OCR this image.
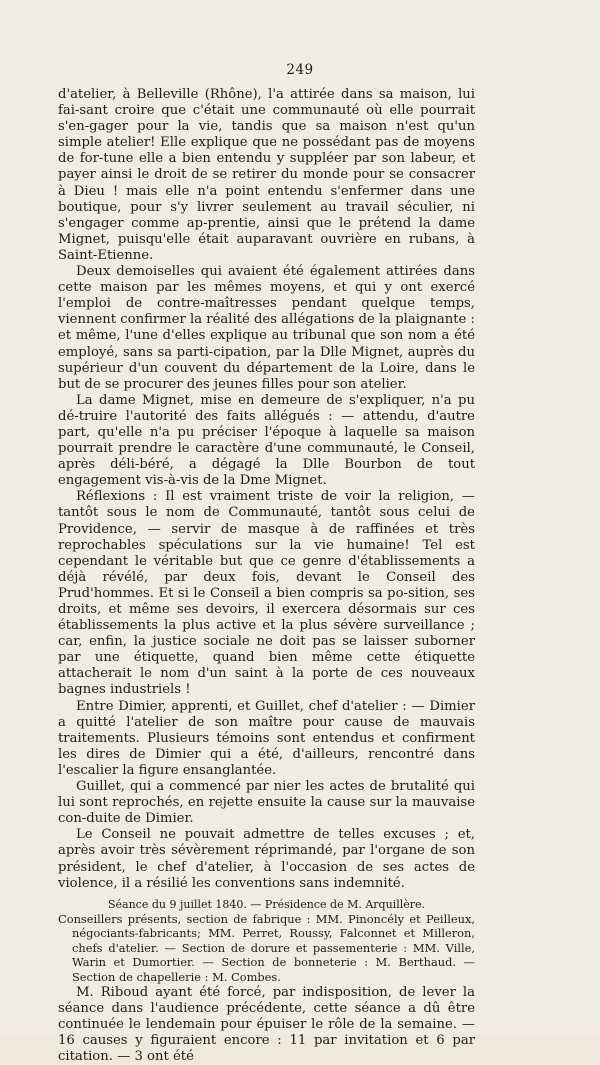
249

d'atelier, à Belleville (Rhône), l'a attirée dans sa maison, lui fai-sant croire que c'était une communauté où elle pourrait s'en-gager pour la vie, tandis que sa maison n'est qu'un simple atelier! Elle explique que ne possédant pas de moyens de for-tune elle a bien entendu y suppléer par son labeur, et payer ainsi le droit de se retirer du monde pour se consacrer à Dieu ! mais elle n'a point entendu s'enfermer dans une boutique, pour s'y livrer seulement au travail séculier, ni s'engager comme ap-prentie, ainsi que le prétend la dame Mignet, puisqu'elle était auparavant ouvrière en rubans, à Saint-Etienne.

Deux demoiselles qui avaient été également attirées dans cette maison par les mêmes moyens, et qui y ont exercé l'emploi de contre-maîtresses pendant quelque temps, viennent confirmer la réalité des allégations de la plaignante : et même, l'une d'elles explique au tribunal que son nom a été employé, sans sa parti-cipation, par la Dlle Mignet, auprès du supérieur d'un couvent du département de la Loire, dans le but de se procurer des jeunes filles pour son atelier.

La dame Mignet, mise en demeure de s'expliquer, n'a pu dé-truire l'autorité des faits allégués : — attendu, d'autre part, qu'elle n'a pu préciser l'époque à laquelle sa maison pourrait prendre le caractère d'une communauté, le Conseil, après déli-béré, a dégagé la Dlle Bourbon de tout engagement vis-à-vis de la Dme Mignet.

Réflexions : Il est vraiment triste de voir la religion, — tantôt sous le nom de Communauté, tantôt sous celui de Providence, — servir de masque à de raffinées et très reprochables spéculations sur la vie humaine! Tel est cependant le véritable but que ce genre d'établissements a déjà révélé, par deux fois, devant le Conseil des Prud'hommes. Et si le Conseil a bien compris sa po-sition, ses droits, et même ses devoirs, il exercera désormais sur ces établissements la plus active et la plus sévère surveillance ; car, enfin, la justice sociale ne doit pas se laisser suborner par une étiquette, quand bien même cette étiquette attacherait le nom d'un saint à la porte de ces nouveaux bagnes industriels !

Entre Dimier, apprenti, et Guillet, chef d'atelier : — Dimier a quitté l'atelier de son maître pour cause de mauvais traitements. Plusieurs témoins sont entendus et confirment les dires de Dimier qui a été, d'ailleurs, rencontré dans l'escalier la figure ensanglantée.

Guillet, qui a commencé par nier les actes de brutalité qui lui sont reprochés, en rejette ensuite la cause sur la mauvaise con-duite de Dimier.

Le Conseil ne pouvait admettre de telles excuses ; et, après avoir très sévèrement réprimandé, par l'organe de son président, le chef d'atelier, à l'occasion de ses actes de violence, il a résilié les conventions sans indemnité.

Séance du 9 juillet 1840. — Présidence de M. Arquillère.

Conseillers présents, section de fabrique : MM. Pinoncély et Peilleux, négociants-fabricants; MM. Perret, Roussy, Falconnet et Milleron, chefs d'atelier. — Section de dorure et passementerie : MM. Ville, Warin et Dumortier. — Section de bonneterie : M. Berthaud. — Section de chapellerie : M. Combes.

M. Riboud ayant été forcé, par indisposition, de lever la séance dans l'audience précédente, cette séance a dû être continuée le lendemain pour épuiser le rôle de la semaine. — 16 causes y figuraient encore : 11 par invitation et 6 par citation. — 3 ont été
